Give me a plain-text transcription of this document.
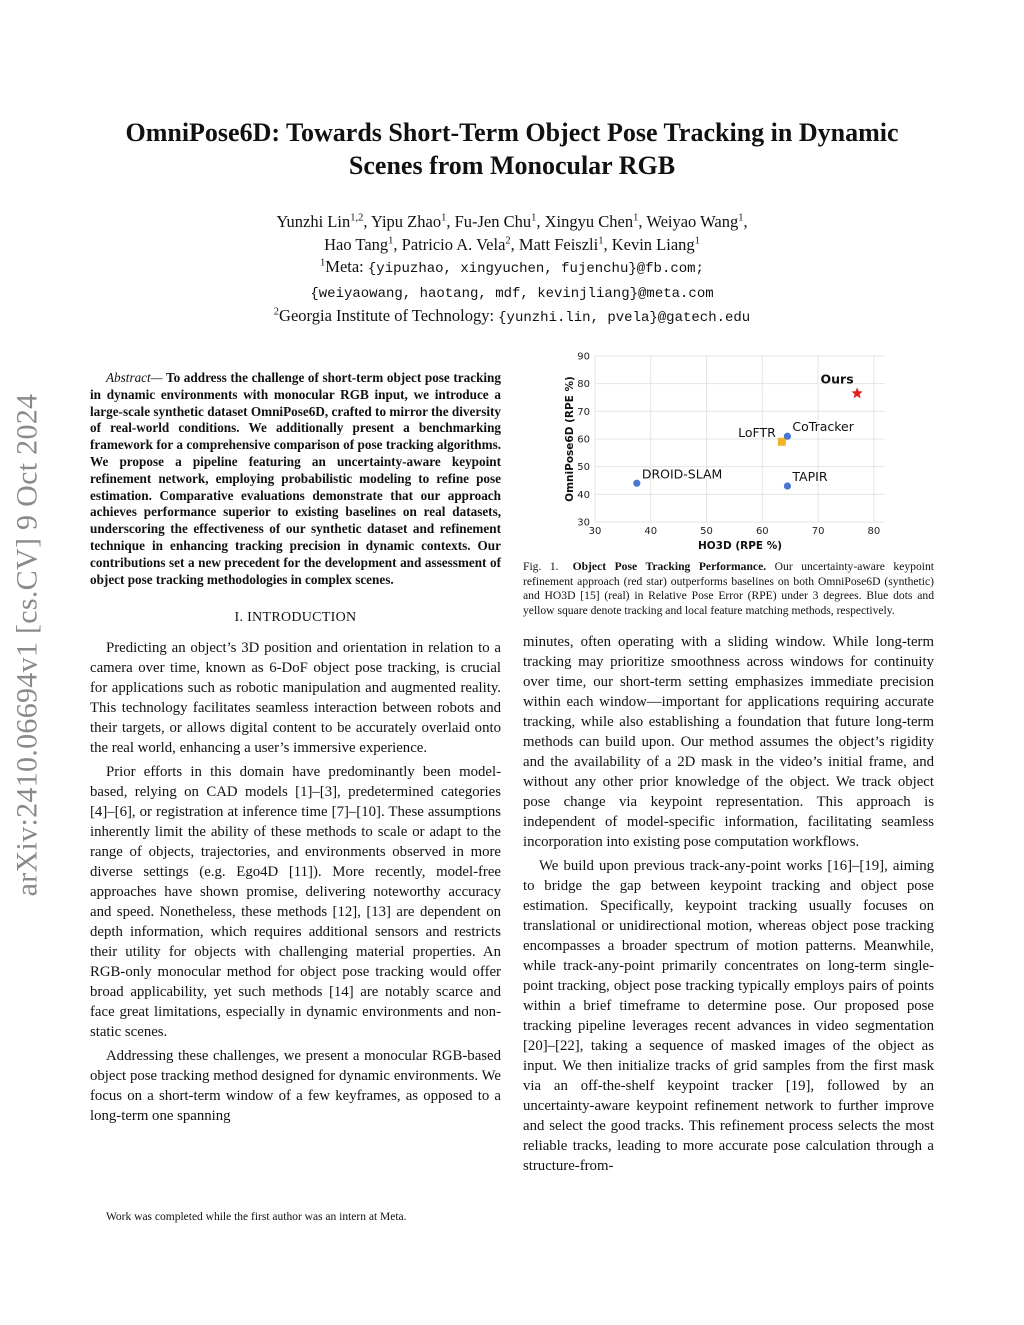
arXiv:2410.06694v1 [cs.CV] 9 Oct 2024
OmniPose6D: Towards Short-Term Object Pose Tracking in Dynamic
Scenes from Monocular RGB
Yunzhi Lin$^{1,2}$, Yipu Zhao$^1$, Fu-Jen Chu$^1$, Xingyu Chen$^1$, Weiyao Wang$^1$,
Hao Tang$^1$, Patricio A. Vela$^2$, Matt Feiszli$^1$, Kevin Liang$^1$
$^1$Meta: {yipuzhao, xingyuchen, fujenchu}@fb.com;
{weiyaowang, haotang, mdf, kevinjliang}@meta.com
$^2$Georgia Institute of Technology: {yunzhi.lin, pvela}@gatech.edu

Abstract— To address the challenge of short-term object pose tracking in dynamic environments with monocular RGB input, we introduce a large-scale synthetic dataset OmniPose6D, crafted to mirror the diversity of real-world conditions. We additionally present a benchmarking framework for a comprehensive comparison of pose tracking algorithms. We propose a pipeline featuring an uncertainty-aware keypoint refinement network, employing probabilistic modeling to refine pose estimation. Comparative evaluations demonstrate that our approach achieves performance superior to existing baselines on real datasets, underscoring the effectiveness of our synthetic dataset and refinement technique in enhancing tracking precision in dynamic contexts. Our contributions set a new precedent for the development and assessment of object pose tracking methodologies in complex scenes.

I. INTRODUCTION

Predicting an object’s 3D position and orientation in relation to a camera over time, known as 6-DoF object pose tracking, is crucial for applications such as robotic manipulation and augmented reality. This technology facilitates seamless interaction between robots and their targets, or allows digital content to be accurately overlaid onto the real world, enhancing a user’s immersive experience.

Prior efforts in this domain have predominantly been model-based, relying on CAD models [1]–[3], predetermined categories [4]–[6], or registration at inference time [7]–[10]. These assumptions inherently limit the ability of these methods to scale or adapt to the range of objects, trajectories, and environments observed in more diverse settings (e.g. Ego4D [11]). More recently, model-free approaches have shown promise, delivering noteworthy accuracy and speed. Nonetheless, these methods [12], [13] are dependent on depth information, which requires additional sensors and restricts their utility for objects with challenging material properties. An RGB-only monocular method for object pose tracking would offer broad applicability, yet such methods [14] are notably scarce and face great limitations, especially in dynamic environments and non-static scenes.

Addressing these challenges, we present a monocular RGB-based object pose tracking method designed for dynamic environments. We focus on a short-term window of a few keyframes, as opposed to a long-term one spanning

Work was completed while the first author was an intern at Meta.
30
40
50
60
70
80
90
30	40	50	60	70	80
HO3D (RPE %)
OmniPose6D (RPE %)	DROID-SLAM
LoFTR CoTracker
TAPIR
Ours

Fig. 1. Object Pose Tracking Performance. Our uncertainty-aware keypoint refinement approach (red star) outperforms baselines on both OmniPose6D (synthetic) and HO3D [15] (real) in Relative Pose Error (RPE) under 3 degrees. Blue dots and yellow square denote tracking and local feature matching methods, respectively.

minutes, often operating with a sliding window. While long-term tracking may prioritize smoothness across windows for continuity over time, our short-term setting emphasizes immediate precision within each window—important for applications requiring accurate tracking, while also establishing a foundation that future long-term methods can build upon. Our method assumes the object’s rigidity and the availability of a 2D mask in the video’s initial frame, and without any other prior knowledge of the object. We track object pose change via keypoint representation. This approach is independent of model-specific information, facilitating seamless incorporation into existing pose computation workflows.

We build upon previous track-any-point works [16]–[19], aiming to bridge the gap between keypoint tracking and object pose estimation. Specifically, keypoint tracking usually focuses on translational or unidirectional motion, whereas object pose tracking encompasses a broader spectrum of motion patterns. Meanwhile, while track-any-point primarily concentrates on long-term single-point tracking, object pose tracking typically employs pairs of points within a brief timeframe to determine pose. Our proposed pose tracking pipeline leverages recent advances in video segmentation [20]–[22], taking a sequence of masked images of the object as input. We then initialize tracks of grid samples from the first mask via an off-the-shelf keypoint tracker [19], followed by an uncertainty-aware keypoint refinement network to further improve and select the good tracks. This refinement process selects the most reliable tracks, leading to more accurate pose calculation through a structure-from-
